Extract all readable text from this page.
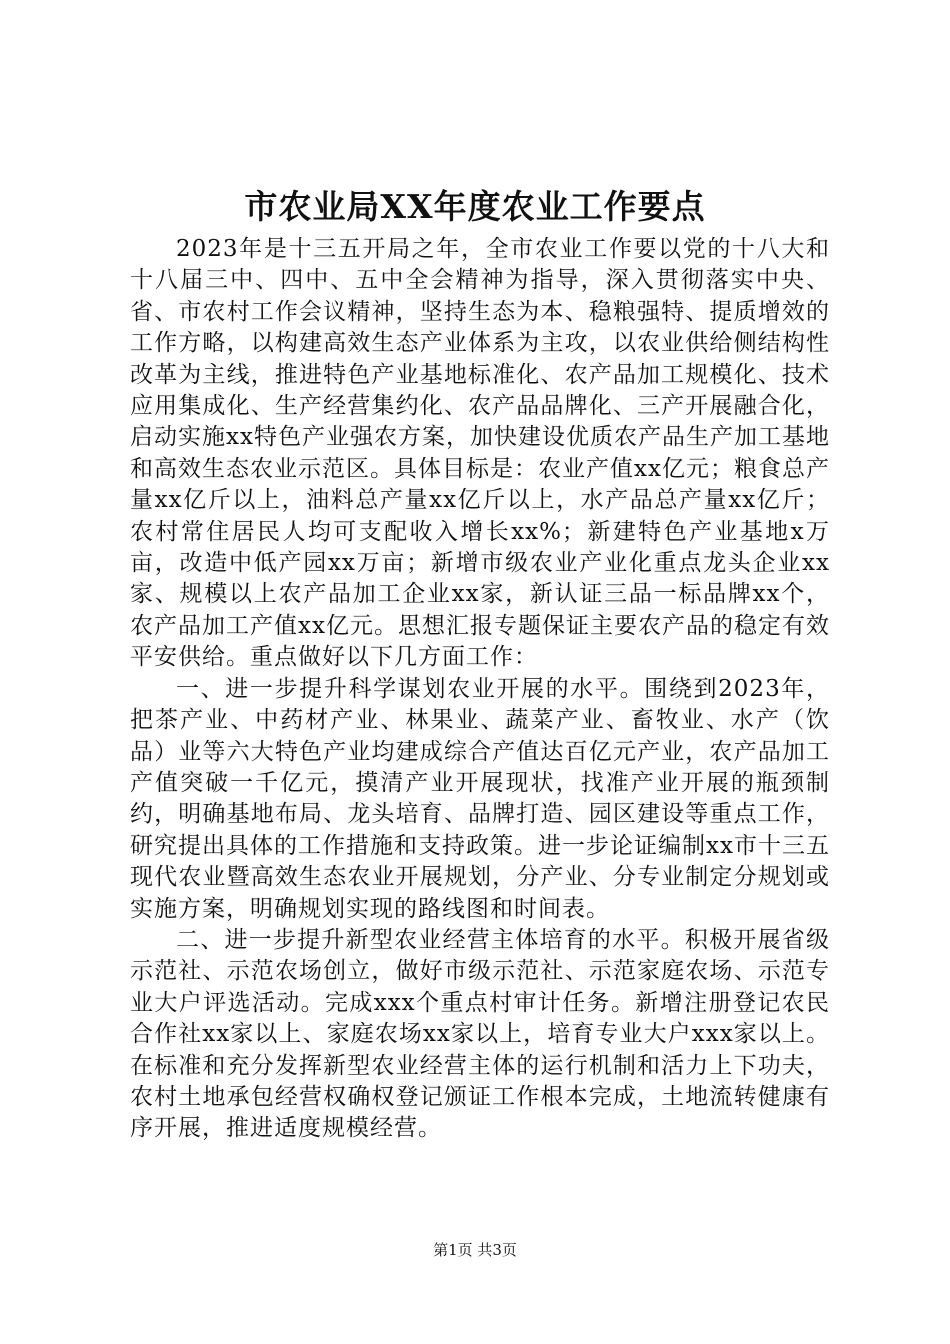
市农业局XX年度农业工作要点

2023年是十三五开局之年，全市农业工作要以党的十八大和十八届三中、四中、五中全会精神为指导，深入贯彻落实中央、省、市农村工作会议精神，坚持生态为本、稳粮强特、提质增效的工作方略，以构建高效生态产业体系为主攻，以农业供给侧结构性改革为主线，推进特色产业基地标准化、农产品加工规模化、技术应用集成化、生产经营集约化、农产品品牌化、三产开展融合化，启动实施xx特色产业强农方案，加快建设优质农产品生产加工基地和高效生态农业示范区。具体目标是：农业产值xx亿元；粮食总产量xx亿斤以上，油料总产量xx亿斤以上，水产品总产量xx亿斤；农村常住居民人均可支配收入增长xx%；新建特色产业基地x万亩，改造中低产园xx万亩；新增市级农业产业化重点龙头企业xx家、规模以上农产品加工企业xx家，新认证三品一标品牌xx个，农产品加工产值xx亿元。思想汇报专题保证主要农产品的稳定有效平安供给。重点做好以下几方面工作：

一、进一步提升科学谋划农业开展的水平。围绕到2023年，把茶产业、中药材产业、林果业、蔬菜产业、畜牧业、水产（饮品）业等六大特色产业均建成综合产值达百亿元产业，农产品加工产值突破一千亿元，摸清产业开展现状，找准产业开展的瓶颈制约，明确基地布局、龙头培育、品牌打造、园区建设等重点工作，研究提出具体的工作措施和支持政策。进一步论证编制xx市十三五现代农业暨高效生态农业开展规划，分产业、分专业制定分规划或实施方案，明确规划实现的路线图和时间表。

二、进一步提升新型农业经营主体培育的水平。积极开展省级示范社、示范农场创立，做好市级示范社、示范家庭农场、示范专业大户评选活动。完成xxx个重点村审计任务。新增注册登记农民合作社xx家以上、家庭农场xx家以上，培育专业大户xxx家以上。在标准和充分发挥新型农业经营主体的运行机制和活力上下功夫，农村土地承包经营权确权登记颁证工作根本完成，土地流转健康有序开展，推进适度规模经营。

第1页 共3页
